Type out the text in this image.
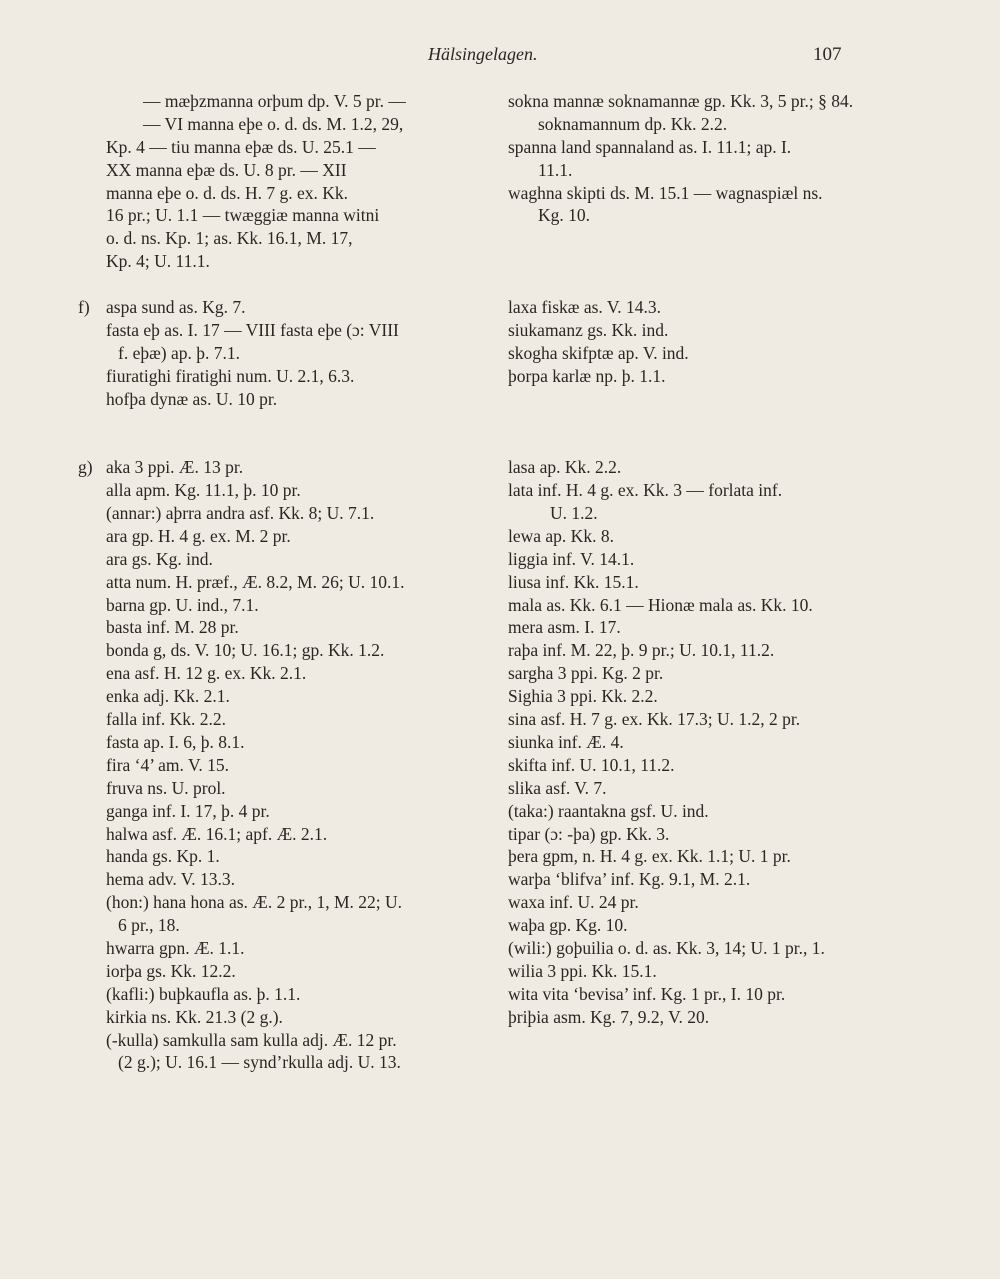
Hälsingelagen.	107
— mæþzmanna orþum dp. V. 5 pr. —
— VI manna eþe o. d. ds. M. 1.2, 29,
Kp. 4 — tiu manna eþæ ds. U. 25.1 —
XX manna eþæ ds. U. 8 pr. — XII
manna eþe o. d. ds. H. 7 g. ex. Kk.
16 pr.; U. 1.1 — twæggiæ manna witni
o. d. ns. Kp. 1; as. Kk. 16.1, M. 17,
Kp. 4; U. 11.1.
f) aspa sund as. Kg. 7.
fasta eþ as. I. 17 — VIII fasta eþe (ɔ: VIII
f. eþæ) ap. þ. 7.1.
fiuratighi firatighi num. U. 2.1, 6.3.
hofþa dynæ as. U. 10 pr.
g) aka 3 ppi. Æ. 13 pr.
alla apm. Kg. 11.1, þ. 10 pr.
(annar:) aþrra andra asf. Kk. 8; U. 7.1.
ara gp. H. 4 g. ex. M. 2 pr.
ara gs. Kg. ind.
atta num. H. præf., Æ. 8.2, M. 26; U. 10.1.
barna gp. U. ind., 7.1.
basta inf. M. 28 pr.
bonda g, ds. V. 10; U. 16.1; gp. Kk. 1.2.
ena asf. H. 12 g. ex. Kk. 2.1.
enka adj. Kk. 2.1.
falla inf. Kk. 2.2.
fasta ap. I. 6, þ. 8.1.
fira ‘4’ am. V. 15.
fruva ns. U. prol.
ganga inf. I. 17, þ. 4 pr.
halwa asf. Æ. 16.1; apf. Æ. 2.1.
handa gs. Kp. 1.
hema adv. V. 13.3.
(hon:) hana hona as. Æ. 2 pr., 1, M. 22; U.
6 pr., 18.
hwarra gpn. Æ. 1.1.
iorþa gs. Kk. 12.2.
(kafli:) buþkaufla as. þ. 1.1.
kirkia ns. Kk. 21.3 (2 g.).
(-kulla) samkulla sam kulla adj. Æ. 12 pr.
(2 g.); U. 16.1 — synd’rkulla adj. U. 13.
sokna mannæ soknamannæ gp. Kk. 3, 5 pr.; § 84.
soknamannum dp. Kk. 2.2.
spanna land spannaland as. I. 11.1; ap. I.
11.1.
waghna skipti ds. M. 15.1 — wagnaspiæl ns.
Kg. 10.
laxa fiskæ as. V. 14.3.
siukamanz gs. Kk. ind.
skogha skifptæ ap. V. ind.
þorpa karlæ np. þ. 1.1.
lasa ap. Kk. 2.2.
lata inf. H. 4 g. ex. Kk. 3 — forlata inf.
U. 1.2.
lewa ap. Kk. 8.
liggia inf. V. 14.1.
liusa inf. Kk. 15.1.
mala as. Kk. 6.1 — Hionæ mala as. Kk. 10.
mera asm. I. 17.
raþa inf. M. 22, þ. 9 pr.; U. 10.1, 11.2.
sargha 3 ppi. Kg. 2 pr.
Sighia 3 ppi. Kk. 2.2.
sina asf. H. 7 g. ex. Kk. 17.3; U. 1.2, 2 pr.
siunka inf. Æ. 4.
skifta inf. U. 10.1, 11.2.
slika asf. V. 7.
(taka:) raantakna gsf. U. ind.
tipar (ɔ: -þa) gp. Kk. 3.
þera gpm, n. H. 4 g. ex. Kk. 1.1; U. 1 pr.
warþa ‘blifva’ inf. Kg. 9.1, M. 2.1.
waxa inf. U. 24 pr.
waþa gp. Kg. 10.
(wili:) goþuilia o. d. as. Kk. 3, 14; U. 1 pr., 1.
wilia 3 ppi. Kk. 15.1.
wita vita ‘bevisa’ inf. Kg. 1 pr., I. 10 pr.
þriþia asm. Kg. 7, 9.2, V. 20.
